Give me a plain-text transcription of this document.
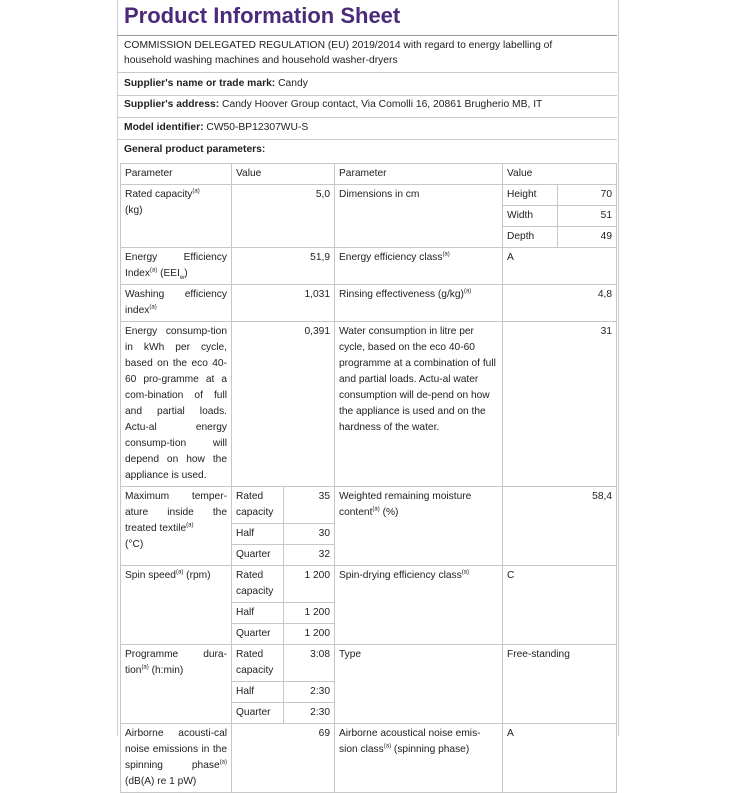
Product Information Sheet
COMMISSION DELEGATED REGULATION (EU) 2019/2014 with regard to energy labelling of
household washing machines and household washer-dryers
Supplier's name or trade mark: Candy
Supplier's address: Candy Hoover Group contact, Via Comolli 16, 20861 Brugherio MB, IT
Model identifier: CW50-BP12307WU-S
General product parameters:
Parameter	Value		Parameter	Value	
Rated capacity$^{(a)}$
(kg)	5,0		Dimensions in cm	Height	70
				Width	51
				Depth	49
Energy Efficiency Index$^{(a)}$ $(EEI_w)$	51,9		Energy efficiency class$^{(a)}$	A	
Washing efficiency index$^{(a)}$	1,031		Rinsing effectiveness $(g/kg)^{(a)}$	4,8	
Energy consump-tion in kWh per cycle, based on the eco 40-60 pro-gramme at a com-bination of full and partial loads. Actu-al energy consump-tion will depend on how the appliance is used.	0,391		Water consumption in litre per cycle, based on the eco 40-60 programme at a combination of full and partial loads. Actu-al water consumption will de-pend on how the appliance is used and on the hardness of the water.	31	
Maximum temper-ature inside the treated textile$^{(a)}$
(°C)	Rated capacity	35	Weighted remaining moisture content$^{(a)}$ (%)	58,4	
	Half	30			
	Quarter	32			
Spin speed$^{(a)}$ (rpm)	Rated capacity	1 200	Spin-drying efficiency class$^{(a)}$	C	
	Half	1 200			
	Quarter	1 200			
Programme dura-tion$^{(a)}$ (h:min)	Rated capacity	3:08	Type	Free-standing	
	Half	2:30			
	Quarter	2:30			
Airborne acousti-cal noise emissions in the spinning phase$^{(a)}$ (dB(A) re 1 pW)	69		Airborne acoustical noise emis-sion class$^{(a)}$ (spinning phase)	A	
